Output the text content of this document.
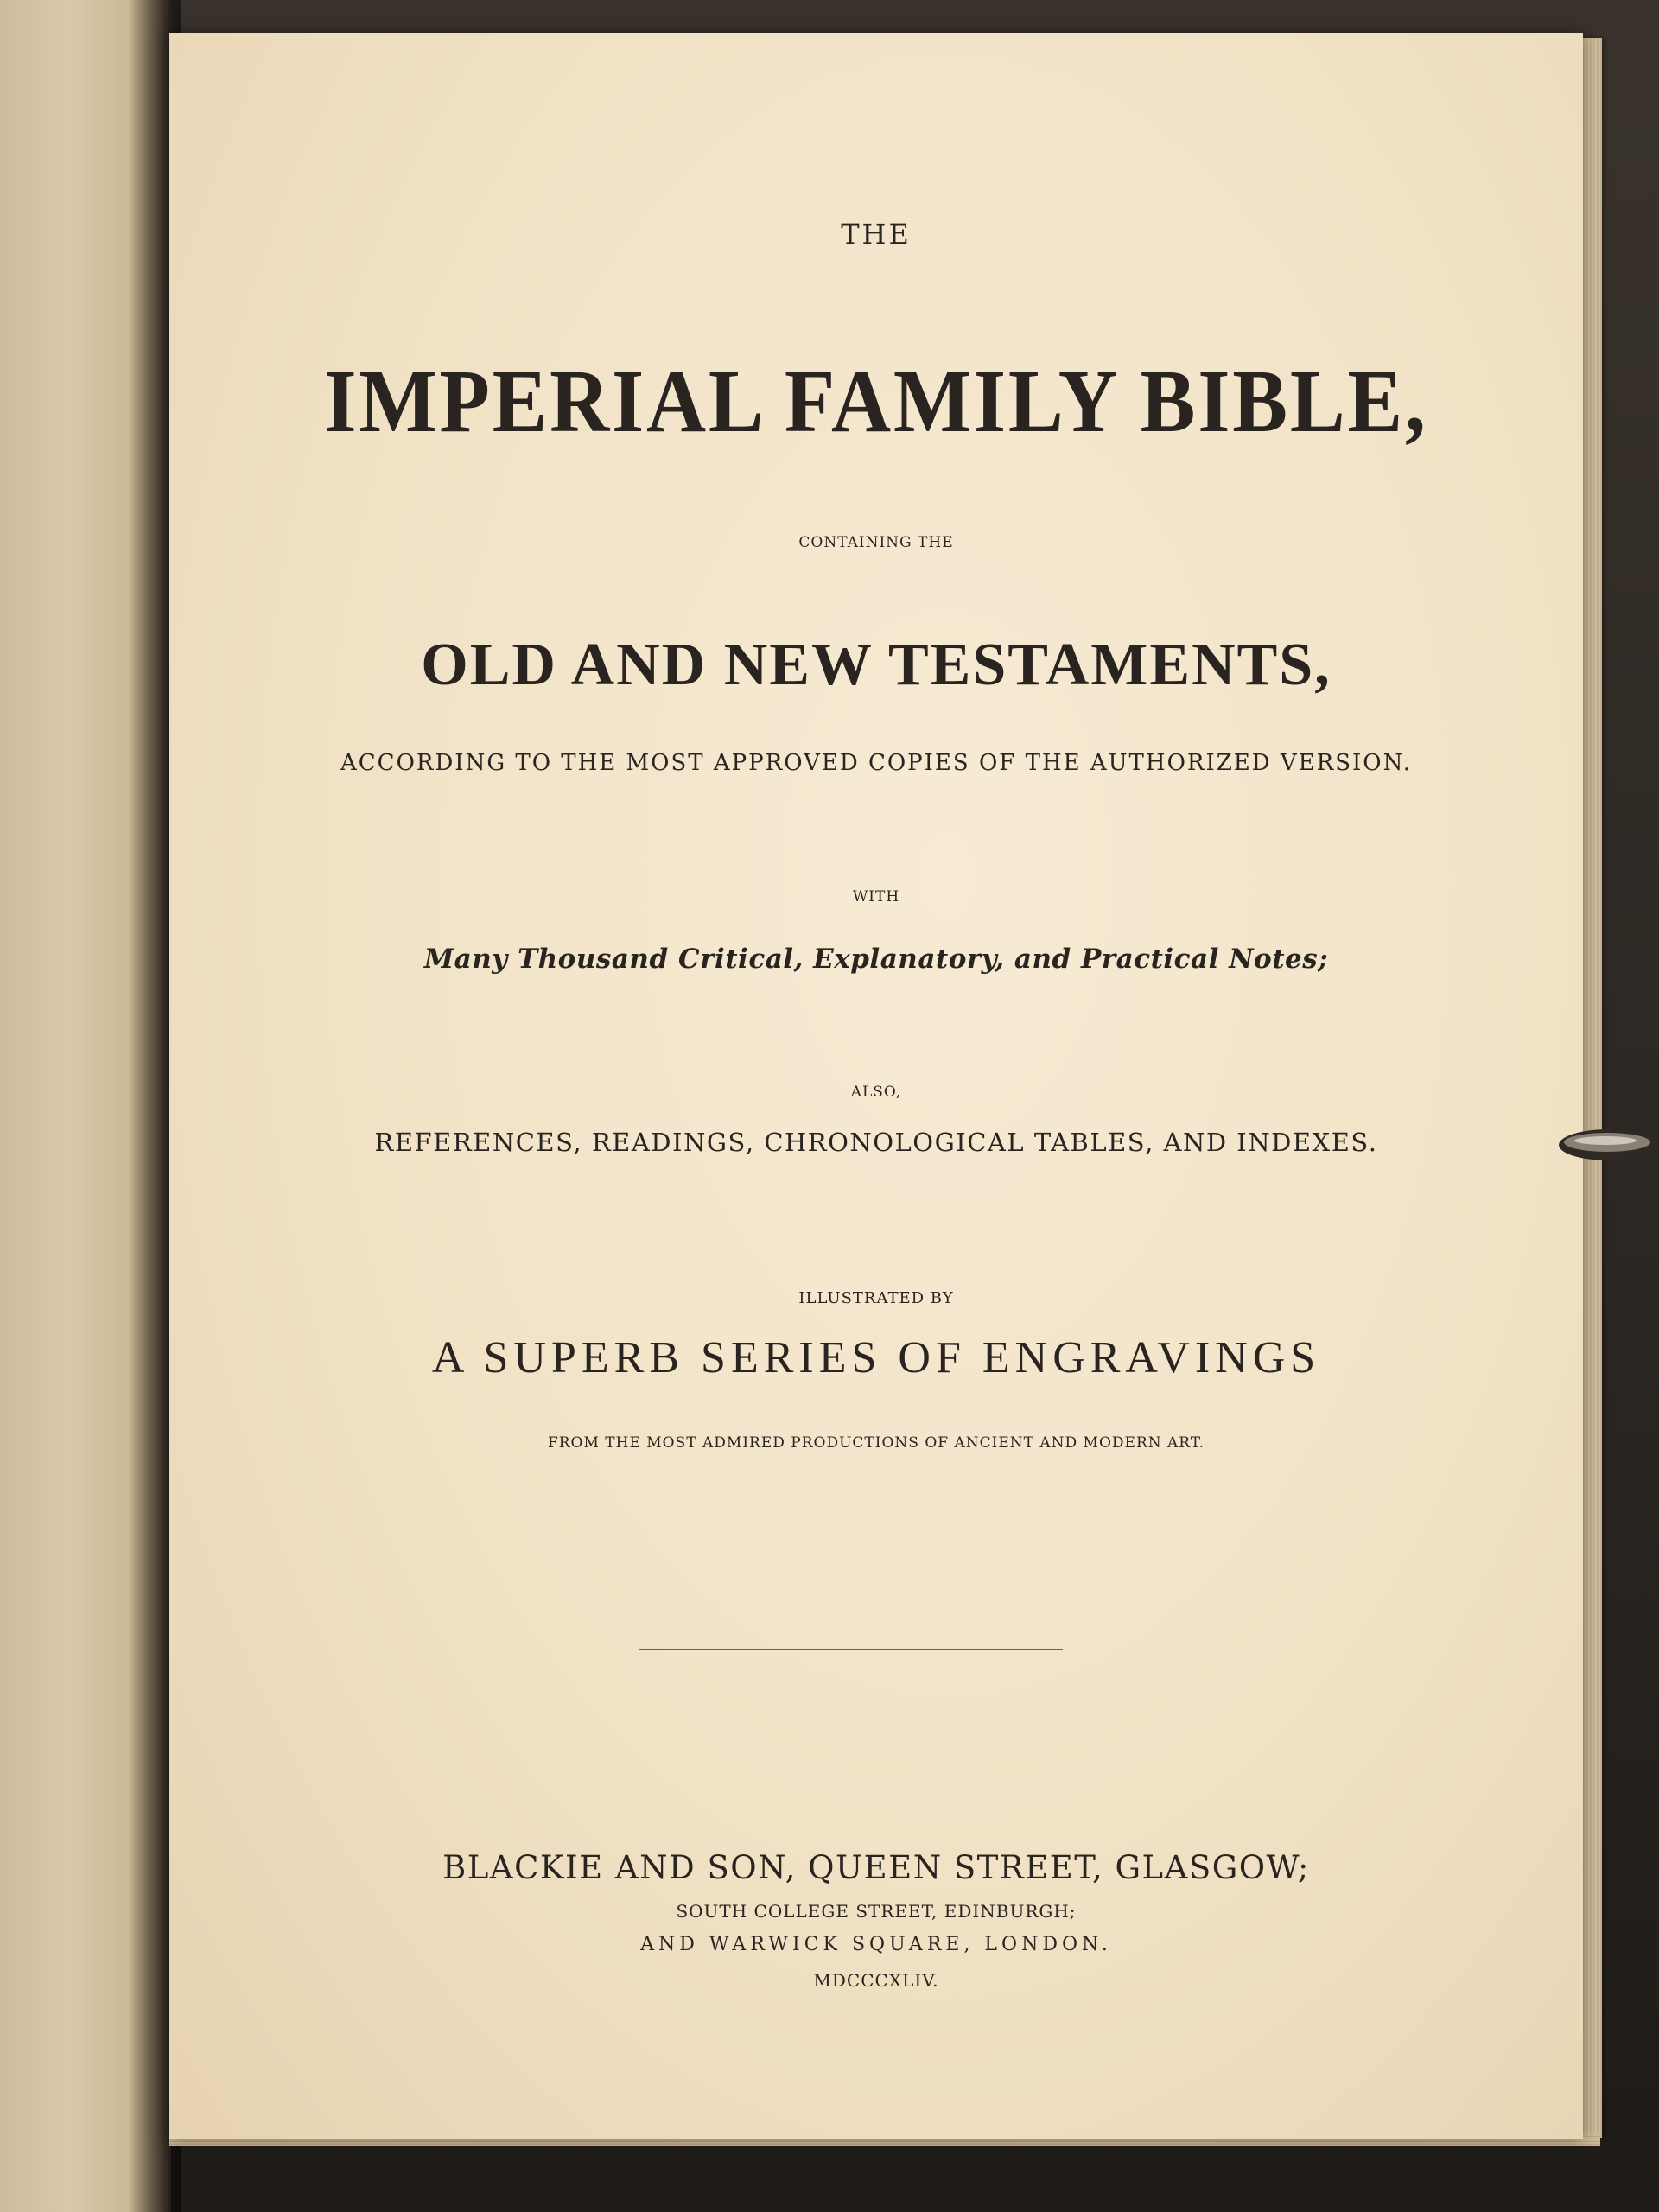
THE
IMPERIAL FAMILY BIBLE,
CONTAINING THE
OLD AND NEW TESTAMENTS,
ACCORDING TO THE MOST APPROVED COPIES OF THE AUTHORIZED VERSION.
WITH
Many Thousand Critical, Explanatory, and Practical Notes;
ALSO,
REFERENCES, READINGS, CHRONOLOGICAL TABLES, AND INDEXES.
ILLUSTRATED BY
A SUPERB SERIES OF ENGRAVINGS
FROM THE MOST ADMIRED PRODUCTIONS OF ANCIENT AND MODERN ART.
BLACKIE AND SON, QUEEN STREET, GLASGOW;
SOUTH COLLEGE STREET, EDINBURGH;
AND WARWICK SQUARE, LONDON.
MDCCCXLIV.
